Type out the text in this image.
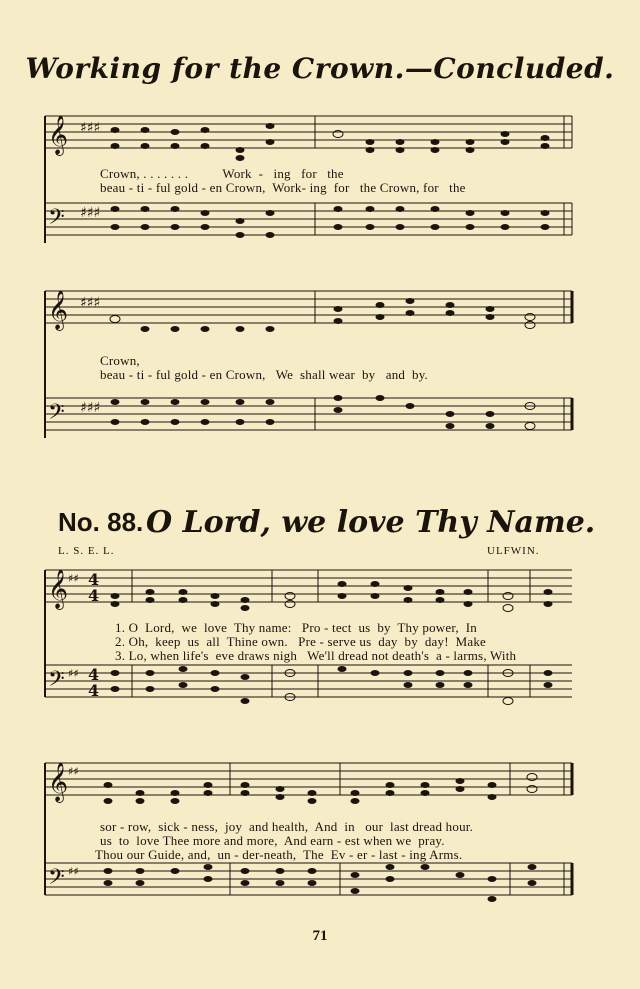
Working for the Crown.—Concluded.
𝄞
𝄢
♯♯♯
♯♯♯
Crown, . . . . . . .          Work  -   ing   for   the
beau - ti - ful gold - en Crown,  Work- ing  for   the Crown, for   the
𝄞
𝄢
♯♯♯
♯♯♯
Crown,
beau - ti - ful gold - en Crown,   We  shall wear  by   and  by.
No. 88. O Lord, we love Thy Name.
L. S. E. L.	ULFWIN.
𝄞
𝄢
♯♯
♯♯
4
4
4
4
1. O  Lord,  we  love  Thy name:   Pro - tect  us  by  Thy power,  In
2. Oh,  keep  us  all  Thine own.   Pre - serve us  day  by  day!  Make
3. Lo, when life's  eve draws nigh   We'll dread not death's  a - larms, With
𝄞
𝄢
♯♯
♯♯
sor - row,  sick - ness,  joy  and health,  And  in   our  last dread hour.
us  to  love Thee more and more,  And earn - est when we  pray.
Thou our Guide, and,  un - der-neath,  The  Ev - er - last - ing Arms.
71
